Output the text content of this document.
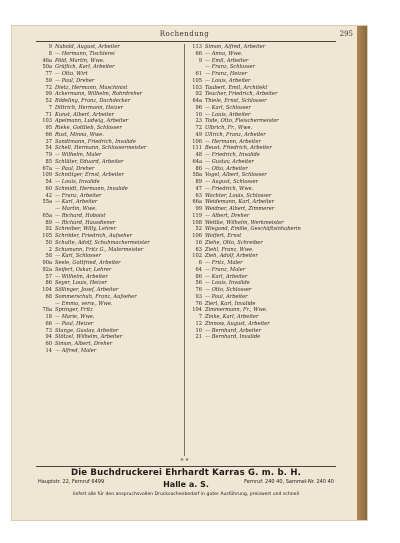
Rochendung	295
9 Nabold, August, Arbeiter
8 — Hermann, Tischlerei
46a Pöld, Martin, Wwe.
50a Gräflich, Karl, Arbeiter
77 — Otto, Wirt
59 — Paul, Dreher
72 Dietz, Hermann, Maschinist
99 Ackermann, Wilhelm, Rohrdreher
52 Bödeling, Franz, Dachdecker
7 Dittrich, Hermann, Heizer
71 Kunst, Albert, Arbeiter
103 Apelmann, Ludwig, Arbeiter
95 Rieke, Gottlieb, Schlosser
66 Rust, Minna, Wwe.
37 Sandtmann, Friedrich, Invalide
54 Schell, Hermann, Schlossermeister
79 — Wilhelm, Maler
85 Schlüter, Eduard, Arbeiter
67a — Paul, Dreher
109 Schnittger, Ernst, Arbeiter
54 — Louis, Invalide
60 Schmidt, Hermann, Invalide
42 — Franz, Arbeiter
55a — Karl, Arbeiter
— Martin, Wwe.
65a — Richard, Hoboist
89 — Richard, Hausdiener
92 Schreiber, Willy, Lehrer
105 Schröder, Friedrich, Aufseher
50 Schulte, Adolf, Schuhmachermeister
2 Schumann, Fritz G., Malermeister
58 — Karl, Schlosser
90a Seele, Gottfried, Arbeiter
92a Seifert, Oskar, Lehrer
57 — Wilhelm, Arbeiter
86 Seyer, Louis, Heizer
104 Söllinger, Josef, Arbeiter
68 Sommerschuh, Franz, Aufseher
— Emma, verw., Wwe.
78a Springer, Fritz
18 — Marie, Wwe.
66 — Paul, Heizer
73 Stange, Gustav, Arbeiter
94 Stötzel, Wilhelm, Arbeiter
60 Simon, Albert, Dreher
14 — Alfred, Maler
113 Simon, Alfred, Arbeiter
66 — Anna, Wwe.
9 — Emil, Arbeiter
— Franz, Schlosser
61 — Franz, Heizer
105 — Louis, Arbeiter
103 Taubert, Emil, Architekt
92 Teucher, Friedrich, Arbeiter
64a Thiele, Ernst, Schlosser
96 — Karl, Schlosser
10 — Louis, Arbeiter
23 Tode, Otto, Fleischermeister
72 Ulbrich, Fr., Wwe.
49 Ullrich, Franz, Arbeiter
106 — Hermann, Arbeiter
111 Beust, Friedrich, Arbeiter
48 — Friedrich, Invalide
64a — Gustav, Arbeiter
86 — Otto, Arbeiter
58a Vogel, Albert, Schlosser
89 — August, Schlosser
47 — Friedrich, Wwe.
63 Wachter, Louis, Schlosser
66a Weidemann, Karl, Arbeiter
99 Weidner, Albert, Zimmerer
119 — Albert, Dreher
108 Wettke, Wilhelm, Werkmeister
52 Wiegand, Emilie, Geschäftsinhaberin
106 Wolfert, Ernst
16 Ziehe, Otto, Schreiber
63 Ziehl, Franz, Wwe.
102 Zieh, Adolf, Arbeiter
6 — Fritz, Maler
64 — Franz, Maler
86 — Karl, Arbeiter
56 — Louis, Invalide
76 — Otto, Schlosser
93 — Paul, Arbeiter
76 Zierl, Karl, Invalide
104 Zimmermann, Fr., Wwe.
7 Zinke, Karl, Arbeiter
12 Zinnow, August, Arbeiter
10 — Bernhard, Arbeiter
21 — Bernhard, Invalide
* *
Die Buchdruckerei Ehrhardt Karras G. m. b. H.
Hauptstr. 22, Fernruf 6499	Halle a. S.	Fernruf: 240 40, Sammel-Nr. 240 40
liefert alle für den anspruchsvollen Drucksachenbedarf in guter Ausführung, preiswert und schnell
